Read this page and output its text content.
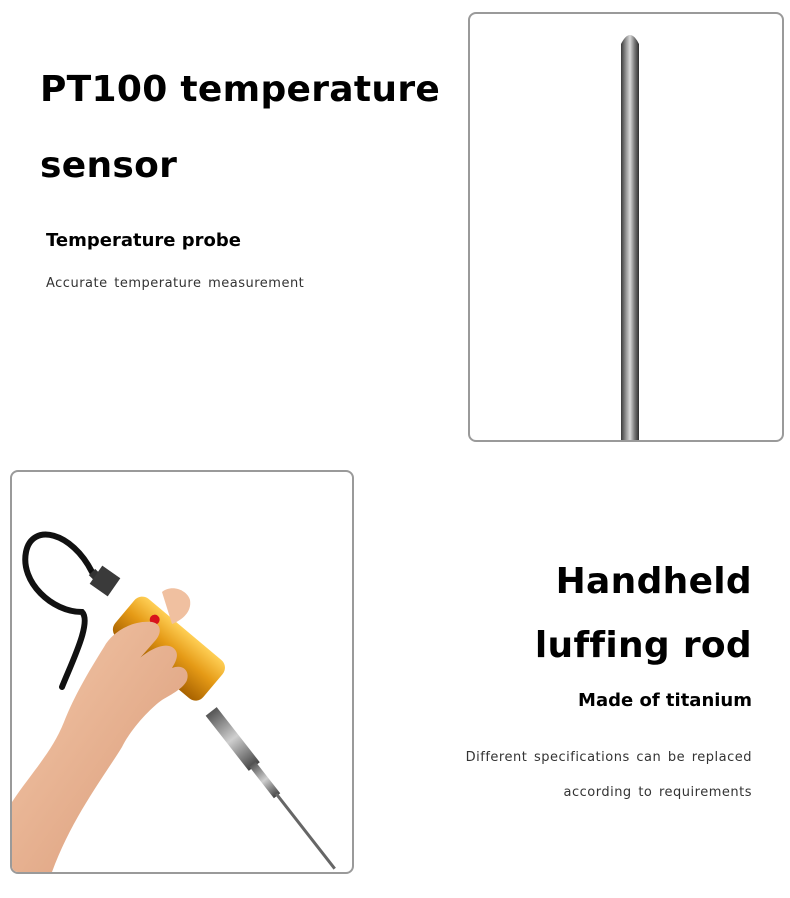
PT100 temperature
sensor
Temperature probe
Accurate temperature measurement
Handheld
luffing rod
Made of titanium
Different specifications can be replaced
according to requirements
